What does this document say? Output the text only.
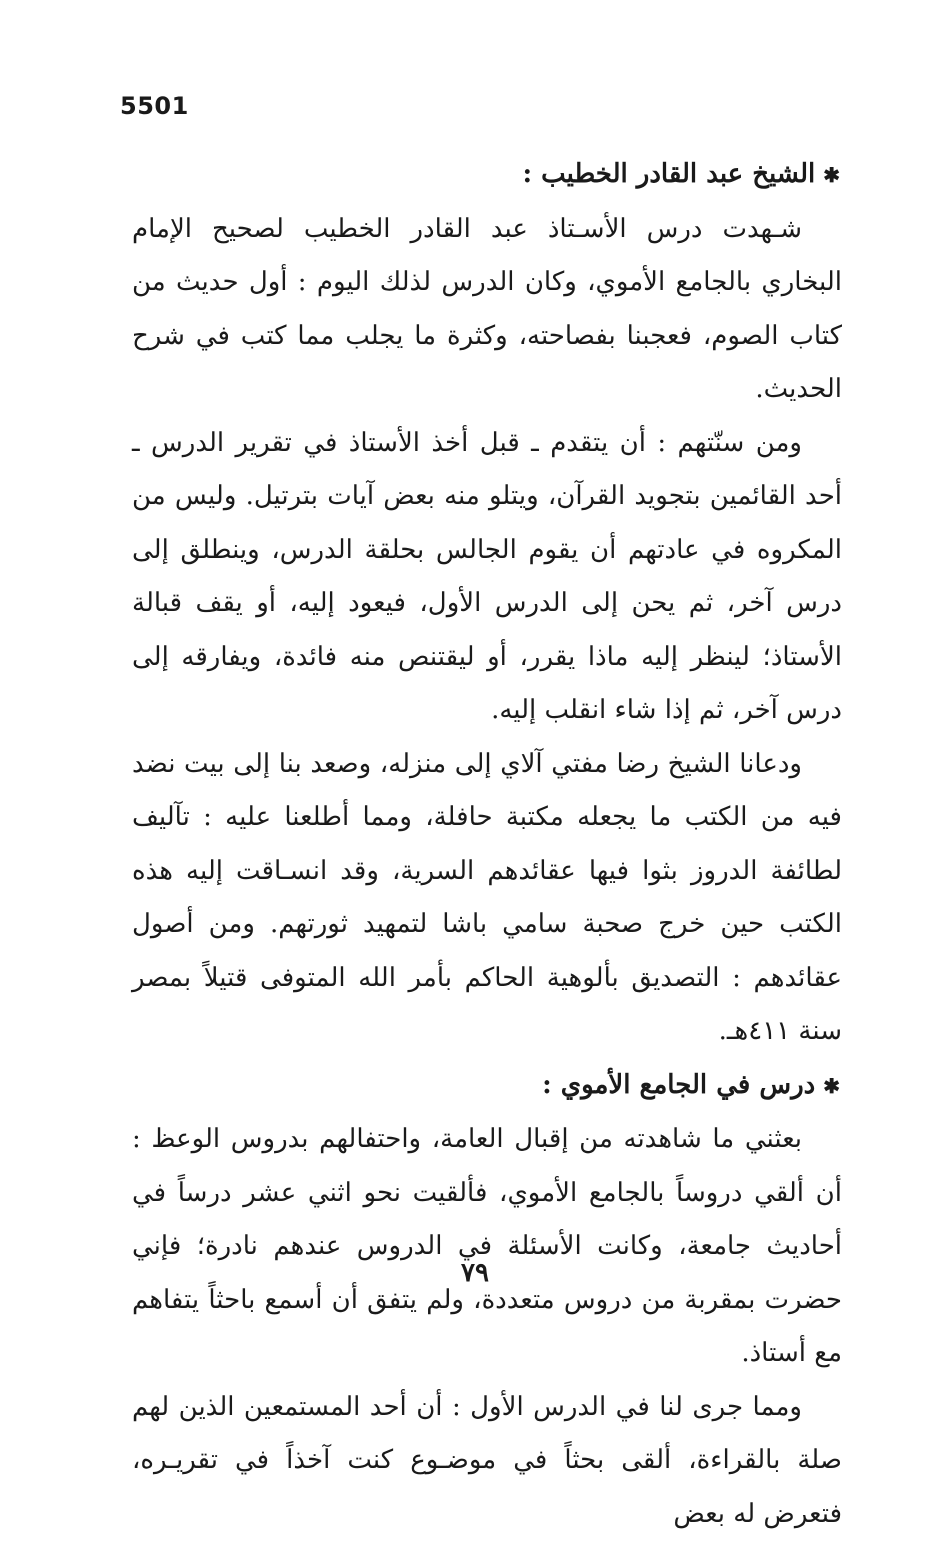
5501
✱الشيخ عبد القادر الخطيب :

شـهدت درس الأسـتاذ عبد القادر الخطيب لصحيح الإمام البخاري بالجامع الأموي، وكان الدرس لذلك اليوم : أول حديث من كتاب الصوم، فعجبنا بفصاحته، وكثرة ما يجلب مما كتب في شرح الحديث.

ومن سنّتهم : أن يتقدم ـ قبل أخذ الأستاذ في تقرير الدرس ـ أحد القائمين بتجويد القرآن، ويتلو منه بعض آيات بترتيل. وليس من المكروه في عادتهم أن يقوم الجالس بحلقة الدرس، وينطلق إلى درس آخر، ثم يحن إلى الدرس الأول، فيعود إليه، أو يقف قبالة الأستاذ؛ لينظر إليه ماذا يقرر، أو ليقتنص منه فائدة، ويفارقه إلى درس آخر، ثم إذا شاء انقلب إليه.

ودعانا الشيخ رضا مفتي آلاي إلى منزله، وصعد بنا إلى بيت نضد فيه من الكتب ما يجعله مكتبة حافلة، ومما أطلعنا عليه : تآليف لطائفة الدروز بثوا فيها عقائدهم السرية، وقد انسـاقت إليه هذه الكتب حين خرج صحبة سامي باشا لتمهيد ثورتهم. ومن أصول عقائدهم : التصديق بألوهية الحاكم بأمر الله المتوفى قتيلاً بمصر سنة ٤١١هـ.

✱درس في الجامع الأموي :

بعثني ما شاهدته من إقبال العامة، واحتفالهم بدروس الوعظ : أن ألقي دروساً بالجامع الأموي، فألقيت نحو اثني عشر درساً في أحاديث جامعة، وكانت الأسئلة في الدروس عندهم نادرة؛ فإني حضرت بمقربة من دروس متعددة، ولم يتفق أن أسمع باحثاً يتفاهم مع أستاذ.

ومما جرى لنا في الدرس الأول : أن أحد المستمعين الذين لهم صلة بالقراءة، ألقى بحثاً في موضـوع كنت آخذاً في تقريـره، فتعرض له بعض

٧٩
